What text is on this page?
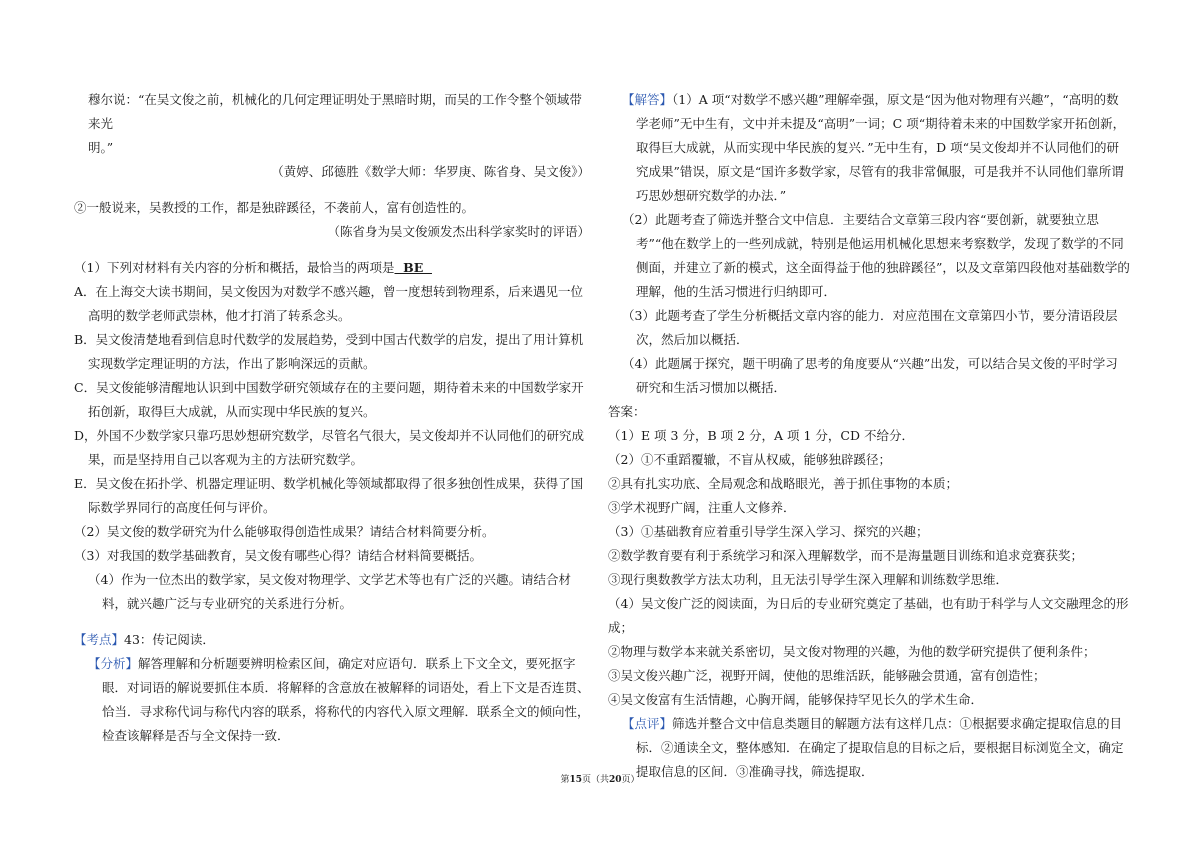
穆尔说：“在吴文俊之前，机械化的几何定理证明处于黑暗时期，而吴的工作令整个领域带来光

明。”

（黄婷、邱德胜《数学大师：华罗庚、陈省身、吴文俊》）

②一般说来，吴教授的工作，都是独辟蹊径，不袭前人，富有创造性的。

（陈省身为吴文俊颁发杰出科学家奖时的评语）

（1）下列对材料有关内容的分析和概括，最恰当的两项是  BE

A．在上海交大读书期间，吴文俊因为对数学不感兴趣，曾一度想转到物理系，后来遇见一位高明的数学老师武崇林，他才打消了转系念头。

B．吴文俊清楚地看到信息时代数学的发展趋势，受到中国古代数学的启发，提出了用计算机实现数学定理证明的方法，作出了影响深远的贡献。

C．吴文俊能够清醒地认识到中国数学研究领域存在的主要问题，期待着未来的中国数学家开拓创新，取得巨大成就，从而实现中华民族的复兴。

D，外国不少数学家只靠巧思妙想研究数学，尽管名气很大，吴文俊却并不认同他们的研究成果，而是坚持用自己以客观为主的方法研究数学。

E．吴文俊在拓扑学、机器定理证明、数学机械化等领域都取得了很多独创性成果，获得了国际数学界同行的高度任何与评价。

（2）吴文俊的数学研究为什么能够取得创造性成果？请结合材料简要分析。

（3）对我国的数学基础教育，吴文俊有哪些心得？请结合材料简要概括。

（4）作为一位杰出的数学家，吴文俊对物理学、文学艺术等也有广泛的兴趣。请结合材料，就兴趣广泛与专业研究的关系进行分析。

【考点】43：传记阅读．

【分析】解答理解和分析题要辨明检索区间，确定对应语句．联系上下文全文，要死抠字眼．对词语的解说要抓住本质．将解释的含意放在被解释的词语处，看上下文是否连贯、恰当．寻求称代词与称代内容的联系，将称代的内容代入原文理解．联系全文的倾向性，检查该解释是否与全文保持一致．

【解答】（1）A 项“对数学不感兴趣”理解牵强，原文是“因为他对物理有兴趣”，“高明的数学老师”无中生有，文中并未提及“高明”一词；C 项“期待着未来的中国数学家开拓创新，取得巨大成就，从而实现中华民族的复兴．”无中生有，D 项“吴文俊却并不认同他们的研究成果”错误，原文是“国许多数学家，尽管有的我非常佩服，可是我并不认同他们靠所谓巧思妙想研究数学的办法．”

（2）此题考查了筛选并整合文中信息．主要结合文章第三段内容“要创新，就要独立思考”“他在数学上的一些列成就，特别是他运用机械化思想来考察数学，发现了数学的不同侧面，并建立了新的模式，这全面得益于他的独辟蹊径”，以及文章第四段他对基础数学的理解，他的生活习惯进行归纳即可．

（3）此题考查了学生分析概括文章内容的能力．对应范围在文章第四小节，要分清语段层次，然后加以概括．

（4）此题属于探究，题干明确了思考的角度要从“兴趣”出发，可以结合吴文俊的平时学习研究和生活习惯加以概括．

答案：

（1）E 项 3 分，B 项 2 分，A 项 1 分，CD 不给分．

（2）①不重蹈覆辙，不盲从权威，能够独辟蹊径；

②具有扎实功底、全局观念和战略眼光，善于抓住事物的本质；

③学术视野广阔，注重人文修养．

（3）①基础教育应着重引导学生深入学习、探究的兴趣；

②数学教育要有利于系统学习和深入理解数学，而不是海量题目训练和追求竞赛获奖；

③现行奥数教学方法太功利，且无法引导学生深入理解和训练数学思维．

（4）吴文俊广泛的阅读面，为日后的专业研究奠定了基础，也有助于科学与人文交融理念的形成；

②物理与数学本来就关系密切，吴文俊对物理的兴趣，为他的数学研究提供了便利条件；

③吴文俊兴趣广泛，视野开阔，使他的思维活跃，能够融会贯通，富有创造性；

④吴文俊富有生活情趣，心胸开阔，能够保持罕见长久的学术生命．

【点评】筛选并整合文中信息类题目的解题方法有这样几点：①根据要求确定提取信息的目标．②通读全文，整体感知．在确定了提取信息的目标之后，要根据目标浏览全文，确定提取信息的区间．③准确寻找，筛选提取．

第15页（共20页）
